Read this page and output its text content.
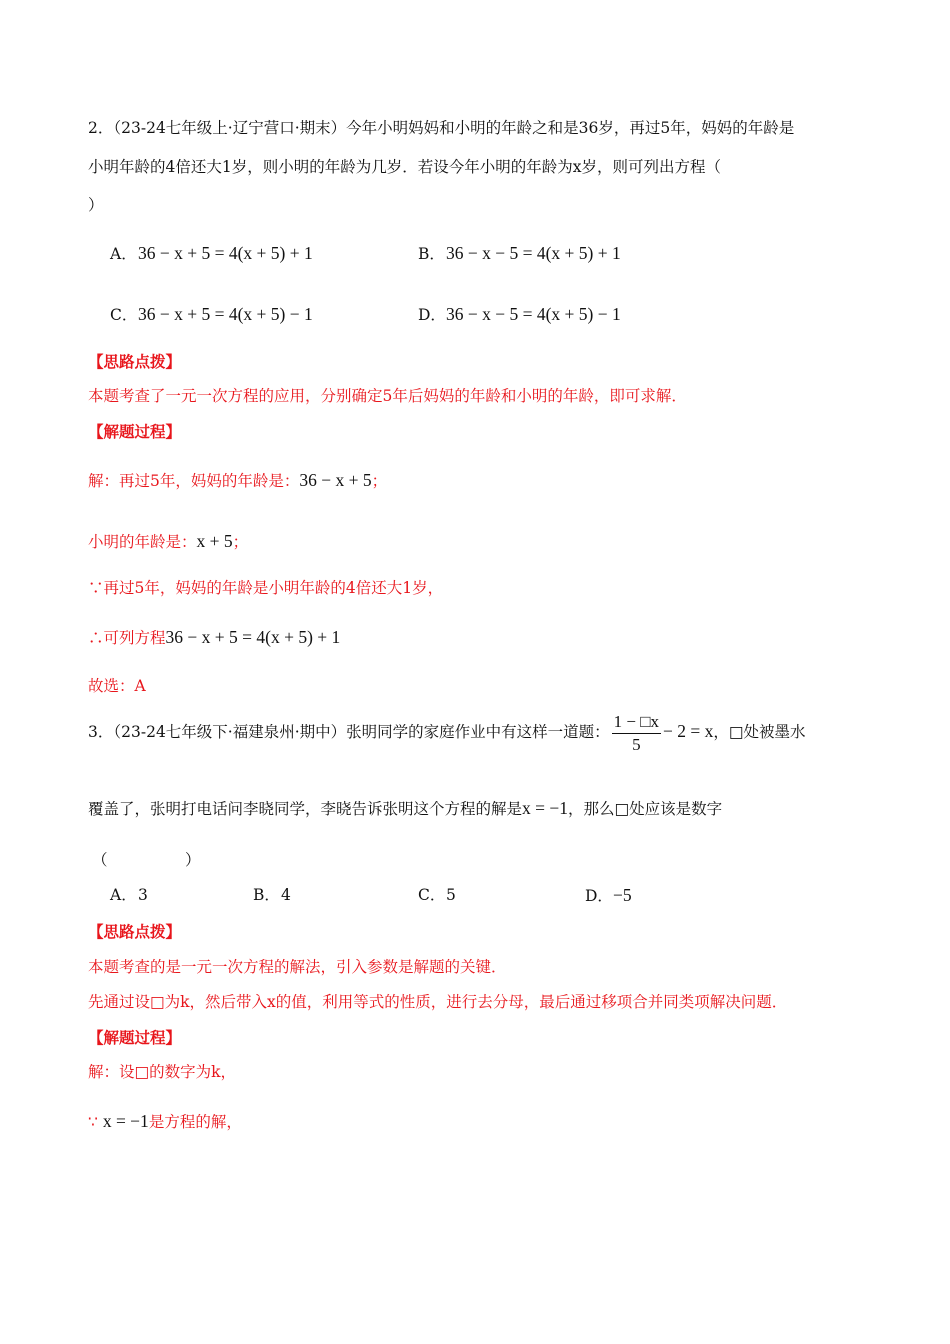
2．（23-24七年级上·辽宁营口·期末）今年小明妈妈和小明的年龄之和是36岁，再过5年，妈妈的年龄是
小明年龄的4倍还大1岁，则小明的年龄为几岁．若设今年小明的年龄为x岁，则可列出方程（
）
A．36 − x + 5 = 4(x + 5) + 1	B．36 − x − 5 = 4(x + 5) + 1
C．36 − x + 5 = 4(x + 5) − 1	D．36 − x − 5 = 4(x + 5) − 1
【思路点拨】
本题考查了一元一次方程的应用，分别确定5年后妈妈的年龄和小明的年龄，即可求解．
【解题过程】
解：再过5年，妈妈的年龄是：36 − x + 5；
小明的年龄是：x + 5；
∵再过5年，妈妈的年龄是小明年龄的4倍还大1岁，
∴可列方程36 − x + 5 = 4(x + 5) + 1
故选：A
3．（23-24七年级下·福建泉州·期中）张明同学的家庭作业中有这样一道题： $\frac{1 - □x}{5} - 2 = x$，□处被墨水
覆盖了，张明打电话问李晓同学，李晓告诉张明这个方程的解是x = −1，那么□处应该是数字
（　　　　　）
A．3	B．4	C．5	D．−5
【思路点拨】
本题考查的是一元一次方程的解法，引入参数是解题的关键．
先通过设□为k，然后带入x的值，利用等式的性质，进行去分母，最后通过移项合并同类项解决问题．
【解题过程】
解：设□的数字为k，
∵ x = −1是方程的解，
